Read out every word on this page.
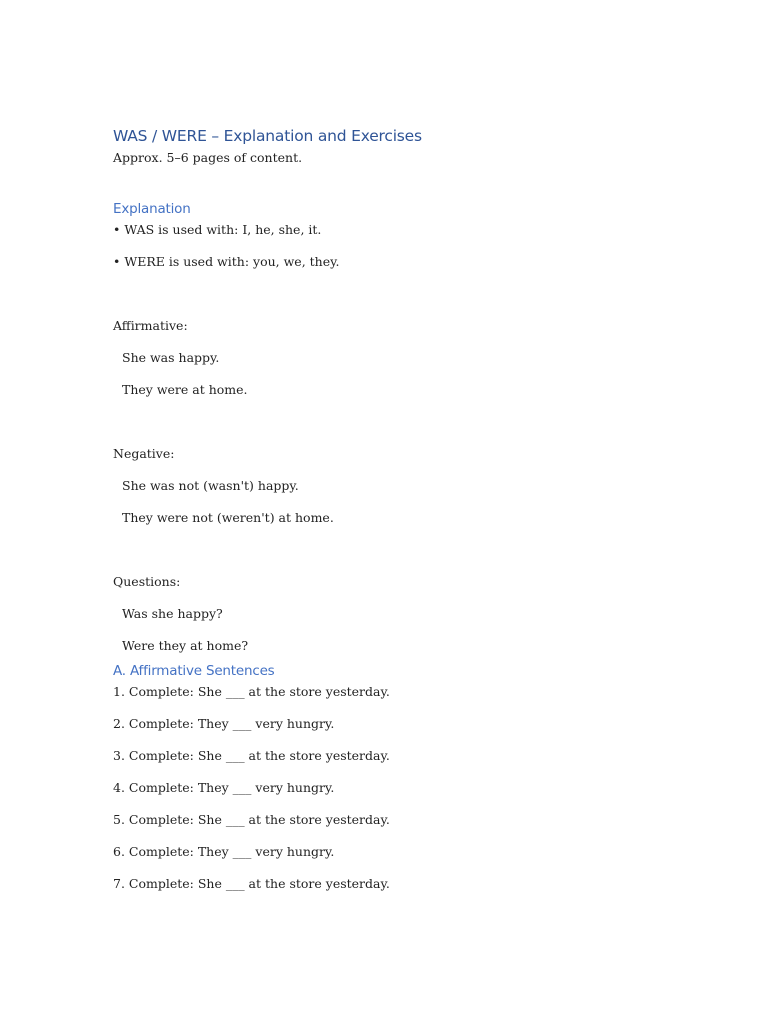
WAS / WERE – Explanation and Exercises

Approx. 5–6 pages of content.

Explanation

• WAS is used with: I, he, she, it.

• WERE is used with: you, we, they.

Affirmative:

She was happy.

They were at home.

Negative:

She was not (wasn't) happy.

They were not (weren't) at home.

Questions:

Was she happy?

Were they at home?

A. Affirmative Sentences

1. Complete: She ___ at the store yesterday.

2. Complete: They ___ very hungry.

3. Complete: She ___ at the store yesterday.

4. Complete: They ___ very hungry.

5. Complete: She ___ at the store yesterday.

6. Complete: They ___ very hungry.

7. Complete: She ___ at the store yesterday.
